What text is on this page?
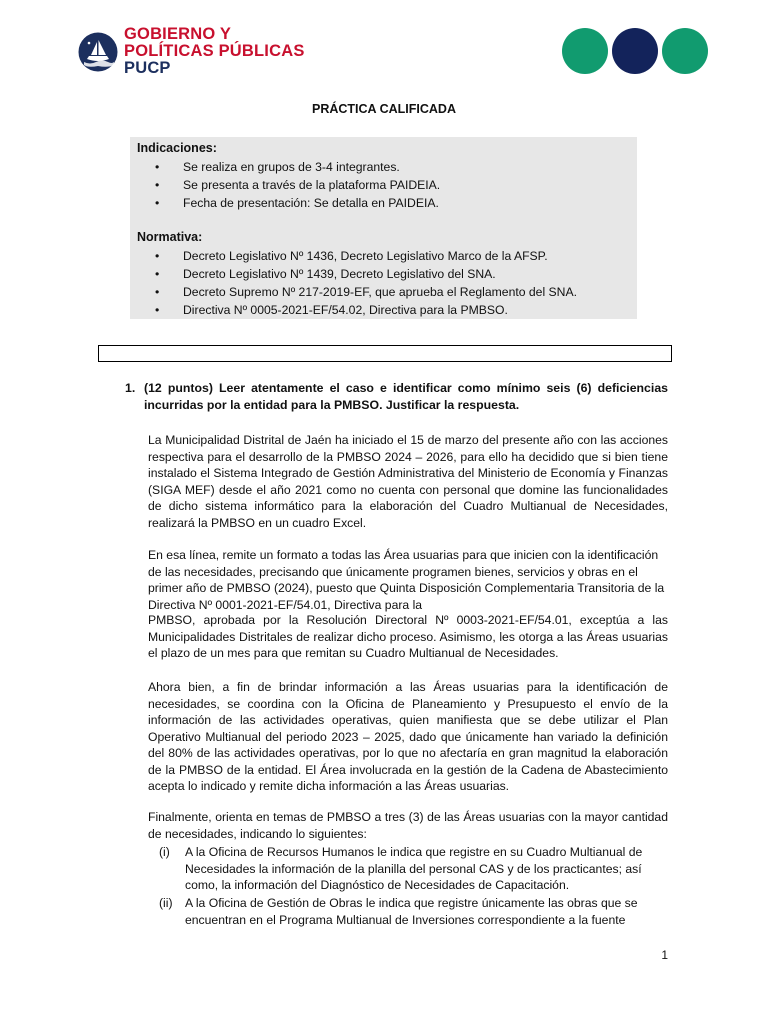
GOBIERNO Y
POLÍTICAS PÚBLICAS
PUCP
PRÁCTICA CALIFICADA
Indicaciones:
• Se realiza en grupos de 3-4 integrantes.
• Se presenta a través de la plataforma PAIDEIA.
• Fecha de presentación: Se detalla en PAIDEIA.
Normativa:
• Decreto Legislativo Nº 1436, Decreto Legislativo Marco de la AFSP.
• Decreto Legislativo Nº 1439, Decreto Legislativo del SNA.
• Decreto Supremo Nº 217-2019-EF, que aprueba el Reglamento del SNA.
• Directiva Nº 0005-2021-EF/54.02, Directiva para la PMBSO.
1. (12 puntos) Leer atentamente el caso e identificar como mínimo seis (6) deficiencias incurridas por la entidad para la PMBSO. Justificar la respuesta.
La Municipalidad Distrital de Jaén ha iniciado el 15 de marzo del presente año con las acciones respectiva para el desarrollo de la PMBSO 2024 – 2026, para ello ha decidido que si bien tiene instalado el Sistema Integrado de Gestión Administrativa del Ministerio de Economía y Finanzas (SIGA MEF) desde el año 2021 como no cuenta con personal que domine las funcionalidades de dicho sistema informático para la elaboración del Cuadro Multianual de Necesidades, realizará la PMBSO en un cuadro Excel.
En esa línea, remite un formato a todas las Área usuarias para que inicien con la identificación de las necesidades, precisando que únicamente programen bienes, servicios y obras en el primer año de PMBSO (2024), puesto que Quinta Disposición Complementaria Transitoria de la Directiva Nº 0001-2021-EF/54.01, Directiva para la
PMBSO, aprobada por la Resolución Directoral Nº 0003-2021-EF/54.01, exceptúa a las Municipalidades Distritales de realizar dicho proceso. Asimismo, les otorga a las Áreas usuarias el plazo de un mes para que remitan su Cuadro Multianual de Necesidades.
Ahora bien, a fin de brindar información a las Áreas usuarias para la identificación de necesidades, se coordina con la Oficina de Planeamiento y Presupuesto el envío de la información de las actividades operativas, quien manifiesta que se debe utilizar el Plan Operativo Multianual del periodo 2023 – 2025, dado que únicamente han variado la definición del 80% de las actividades operativas, por lo que no afectaría en gran magnitud la elaboración de la PMBSO de la entidad. El Área involucrada en la gestión de la Cadena de Abastecimiento acepta lo indicado y remite dicha información a las Áreas usuarias.
Finalmente, orienta en temas de PMBSO a tres (3) de las Áreas usuarias con la mayor cantidad de necesidades, indicando lo siguientes:
(i) A la Oficina de Recursos Humanos le indica que registre en su Cuadro Multianual de Necesidades la información de la planilla del personal CAS y de los practicantes; así como, la información del Diagnóstico de Necesidades de Capacitación.
(ii) A la Oficina de Gestión de Obras le indica que registre únicamente las obras que se encuentran en el Programa Multianual de Inversiones correspondiente a la fuente
1
